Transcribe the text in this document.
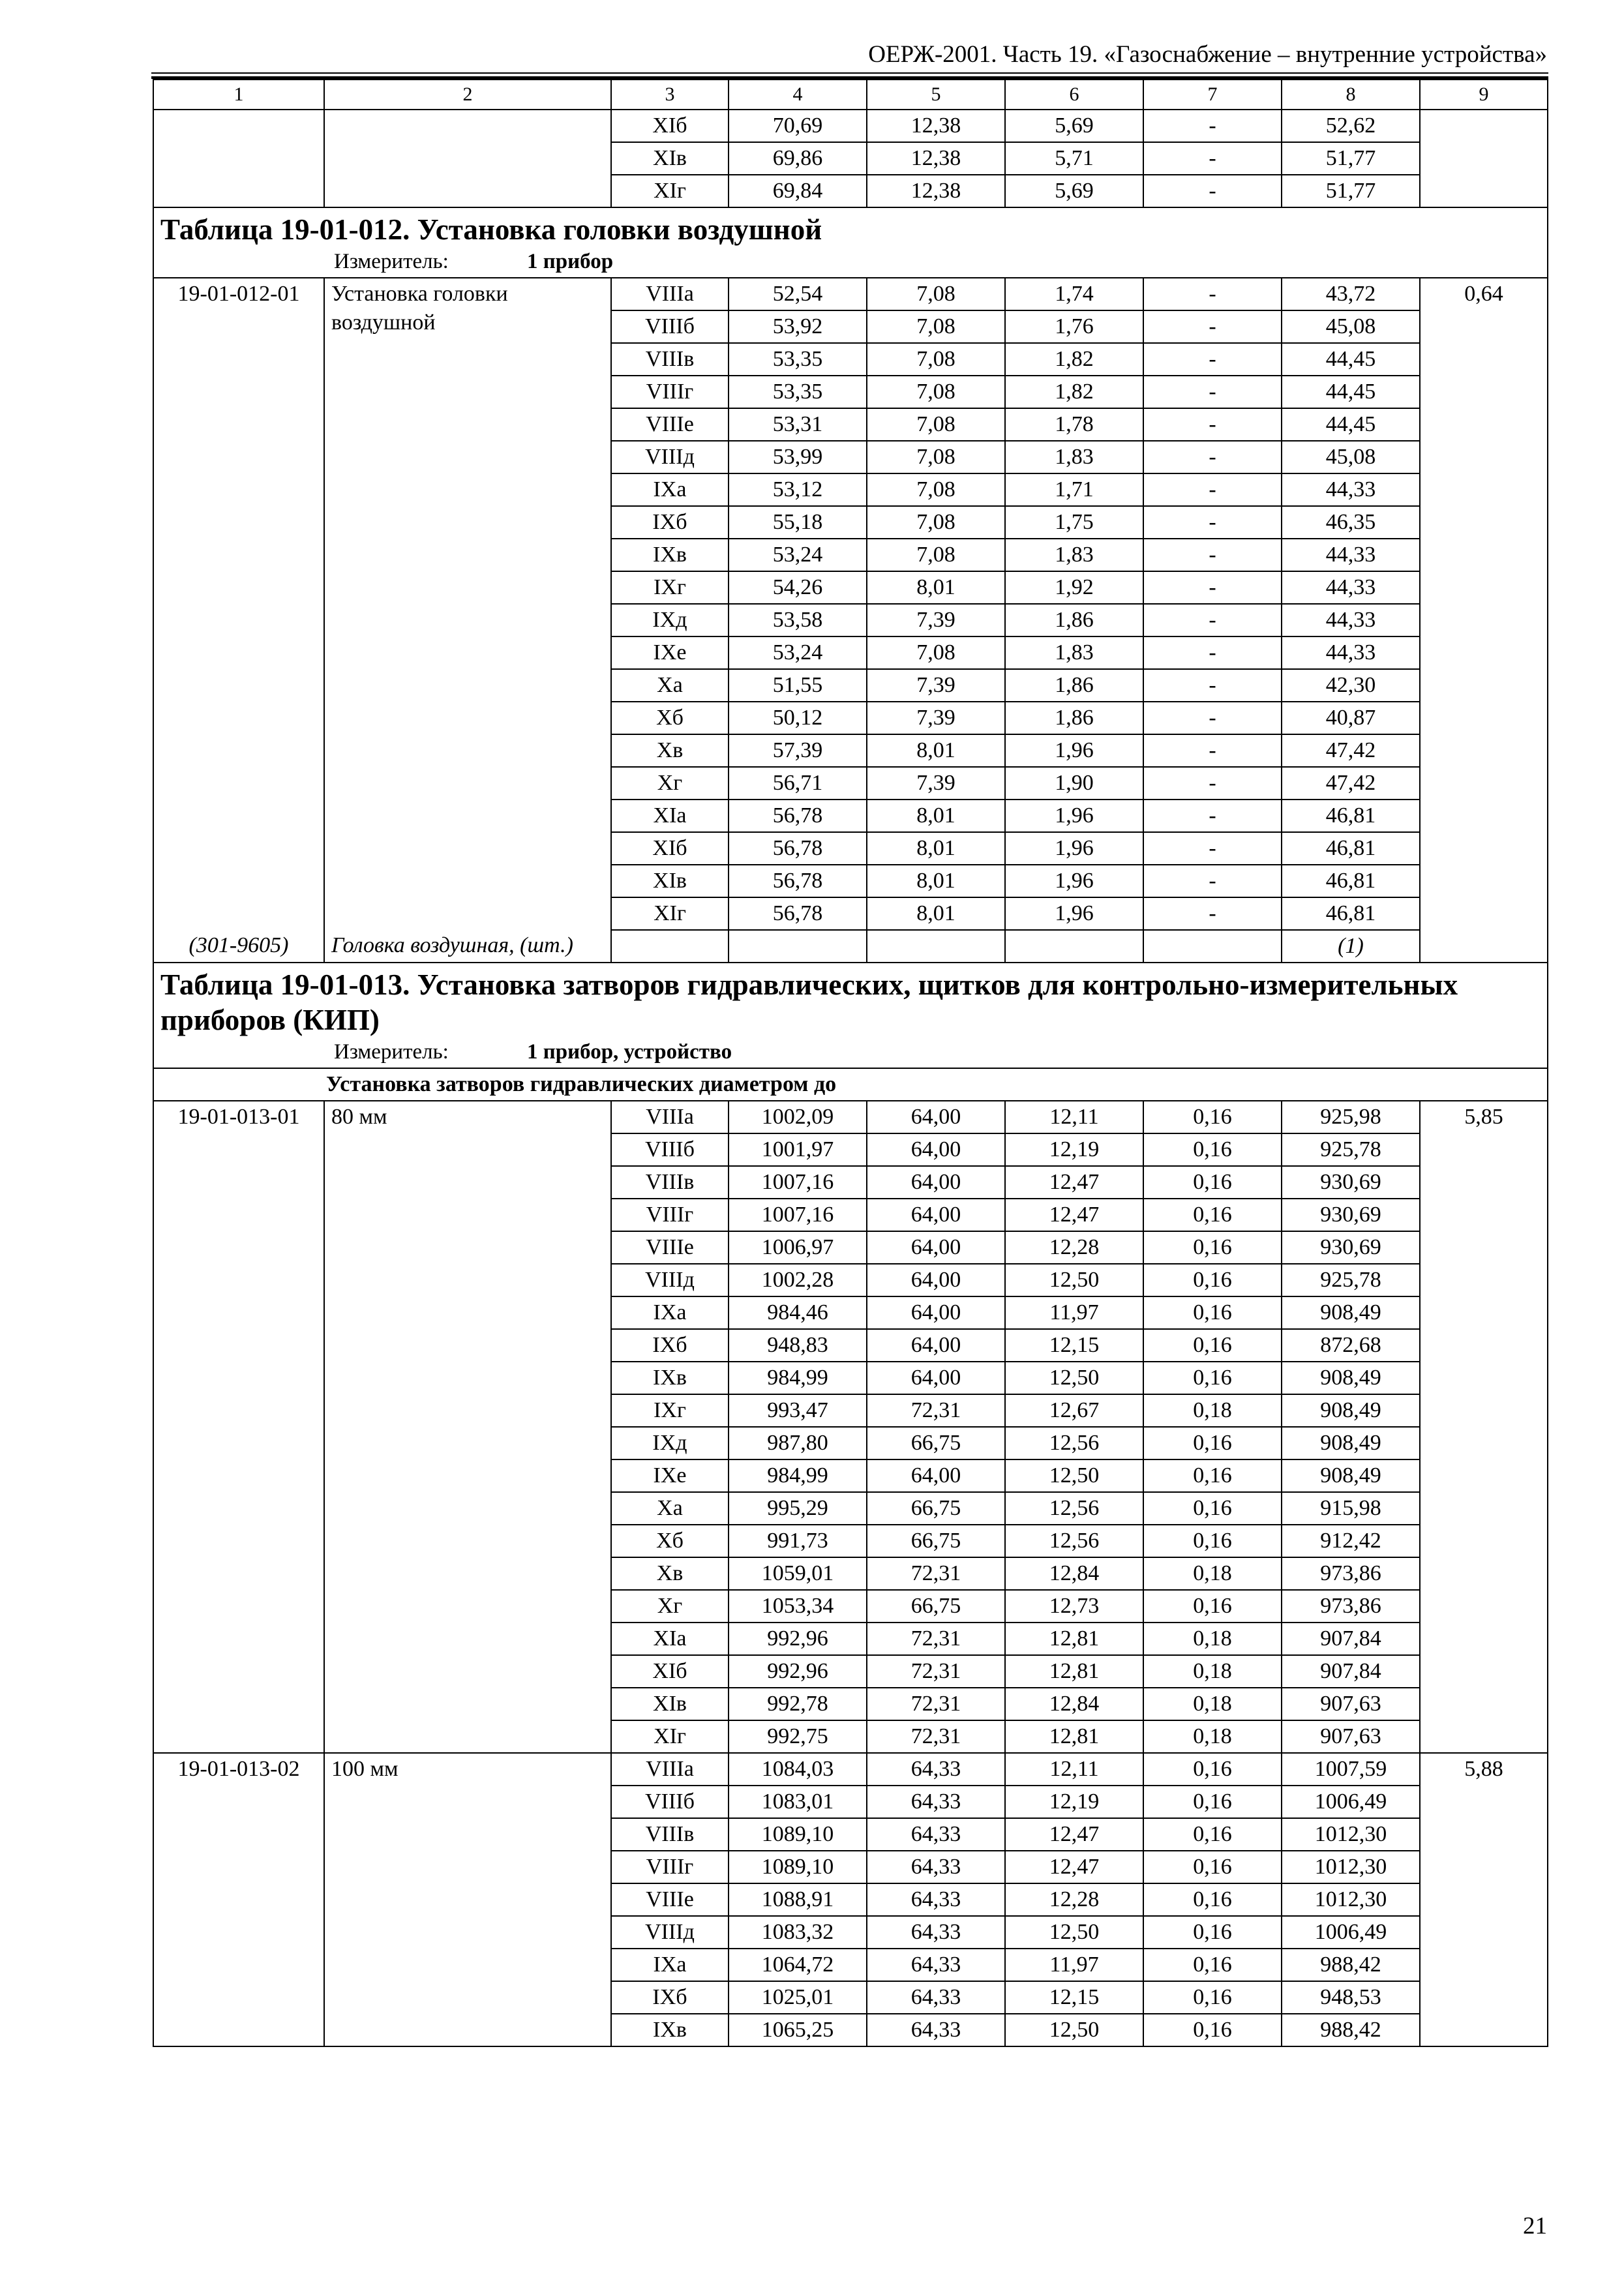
ОЕРЖ-2001. Часть 19. «Газоснабжение – внутренние устройства»
1	2	3	4	5	6	7	8	9
		XIб	70,69	12,38	5,69	-	52,62	
		XIв	69,86	12,38	5,71	-	51,77	
		XIг	69,84	12,38	5,69	-	51,77	

Таблица 19-01-012. Установка головки воздушной
Измеритель: 1 прибор								

19-01-012-01	Установка головки воздушной	VIIIа	52,54	7,08	1,74	-	43,72	0,64
		VIIIб	53,92	7,08	1,76	-	45,08	
		VIIIв	53,35	7,08	1,82	-	44,45	
		VIIIг	53,35	7,08	1,82	-	44,45	
		VIIIе	53,31	7,08	1,78	-	44,45	
		VIIIд	53,99	7,08	1,83	-	45,08	
		IXа	53,12	7,08	1,71	-	44,33	
		IXб	55,18	7,08	1,75	-	46,35	
		IXв	53,24	7,08	1,83	-	44,33	
		IXг	54,26	8,01	1,92	-	44,33	
		IXд	53,58	7,39	1,86	-	44,33	
		IXе	53,24	7,08	1,83	-	44,33	
		Xа	51,55	7,39	1,86	-	42,30	
		Xб	50,12	7,39	1,86	-	40,87	
		Xв	57,39	8,01	1,96	-	47,42	
		Xг	56,71	7,39	1,90	-	47,42	
		XIа	56,78	8,01	1,96	-	46,81	
		XIб	56,78	8,01	1,96	-	46,81	
		XIв	56,78	8,01	1,96	-	46,81	
		XIг	56,78	8,01	1,96	-	46,81	
(301-9605)	Головка воздушная, (шт.)						(1)	

Таблица 19-01-013. Установка затворов гидравлических, щитков для контрольно-измерительных приборов (КИП)
Измеритель: 1 прибор, устройство								

Установка затворов гидравлических диаметром до								
19-01-013-01	80 мм	VIIIа	1002,09	64,00	12,11	0,16	925,98	5,85
		VIIIб	1001,97	64,00	12,19	0,16	925,78	
		VIIIв	1007,16	64,00	12,47	0,16	930,69	
		VIIIг	1007,16	64,00	12,47	0,16	930,69	
		VIIIе	1006,97	64,00	12,28	0,16	930,69	
		VIIIд	1002,28	64,00	12,50	0,16	925,78	
		IXа	984,46	64,00	11,97	0,16	908,49	
		IXб	948,83	64,00	12,15	0,16	872,68	
		IXв	984,99	64,00	12,50	0,16	908,49	
		IXг	993,47	72,31	12,67	0,18	908,49	
		IXд	987,80	66,75	12,56	0,16	908,49	
		IXе	984,99	64,00	12,50	0,16	908,49	
		Xа	995,29	66,75	12,56	0,16	915,98	
		Xб	991,73	66,75	12,56	0,16	912,42	
		Xв	1059,01	72,31	12,84	0,18	973,86	
		Xг	1053,34	66,75	12,73	0,16	973,86	
		XIа	992,96	72,31	12,81	0,18	907,84	
		XIб	992,96	72,31	12,81	0,18	907,84	
		XIв	992,78	72,31	12,84	0,18	907,63	
		XIг	992,75	72,31	12,81	0,18	907,63	
19-01-013-02	100 мм	VIIIа	1084,03	64,33	12,11	0,16	1007,59	5,88
		VIIIб	1083,01	64,33	12,19	0,16	1006,49	
		VIIIв	1089,10	64,33	12,47	0,16	1012,30	
		VIIIг	1089,10	64,33	12,47	0,16	1012,30	
		VIIIе	1088,91	64,33	12,28	0,16	1012,30	
		VIIIд	1083,32	64,33	12,50	0,16	1006,49	
		IXа	1064,72	64,33	11,97	0,16	988,42	
		IXб	1025,01	64,33	12,15	0,16	948,53	
		IXв	1065,25	64,33	12,50	0,16	988,42	
21
